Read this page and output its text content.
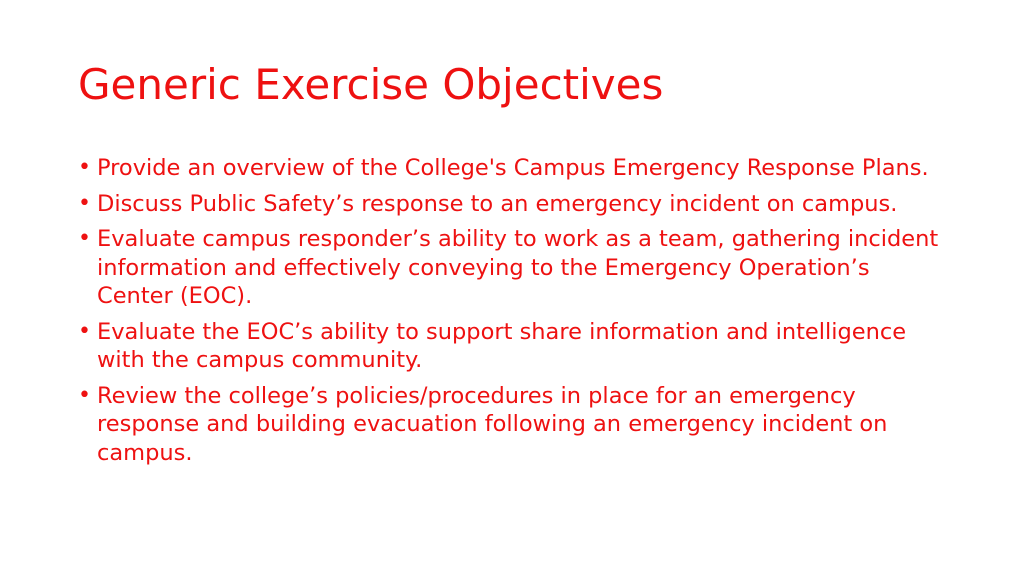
Generic Exercise Objectives
• Provide an overview of the College's Campus Emergency Response Plans.
• Discuss Public Safety’s response to an emergency incident on campus.
• Evaluate campus responder’s ability to work as a team, gathering incident information and effectively conveying to the Emergency Operation’s Center (EOC).
• Evaluate the EOC’s ability to support share information and intelligence with the campus community.
• Review the college’s policies/procedures in place for an emergency response and building evacuation following an emergency incident on campus.
